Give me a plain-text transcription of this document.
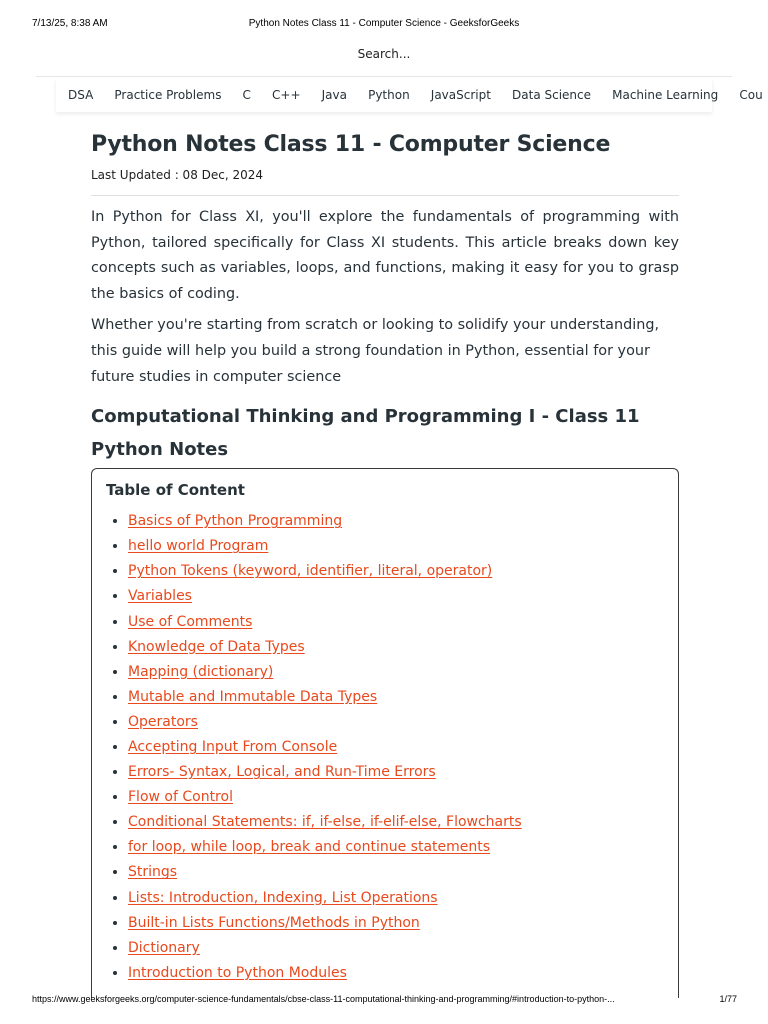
7/13/25, 8:38 AM	Python Notes Class 11 - Computer Science - GeeksforGeeks
Search...
DSA Practice Problems C C++ Java Python JavaScript Data Science Machine Learning Cou
Python Notes Class 11 - Computer Science
Last Updated : 08 Dec, 2024

In Python for Class XI, you'll explore the fundamentals of programming with Python, tailored specifically for Class XI students. This article breaks down key concepts such as variables, loops, and functions, making it easy for you to grasp the basics of coding.

Whether you're starting from scratch or looking to solidify your understanding, this guide will help you build a strong foundation in Python, essential for your future studies in computer science

Computational Thinking and Programming I - Class 11 Python Notes
Table of Content
• Basics of Python Programming
• hello world Program
• Python Tokens (keyword, identifier, literal, operator)
• Variables
• Use of Comments
• Knowledge of Data Types
• Mapping (dictionary)
• Mutable and Immutable Data Types
• Operators
• Accepting Input From Console
• Errors- Syntax, Logical, and Run-Time Errors
• Flow of Control
• Conditional Statements: if, if-else, if-elif-else, Flowcharts
• for loop, while loop, break and continue statements
• Strings
• Lists: Introduction, Indexing, List Operations
• Built-in Lists Functions/Methods in Python
• Dictionary
• Introduction to Python Modules
https://www.geeksforgeeks.org/computer-science-fundamentals/cbse-class-11-computational-thinking-and-programming/#introduction-to-python-...	1/77
